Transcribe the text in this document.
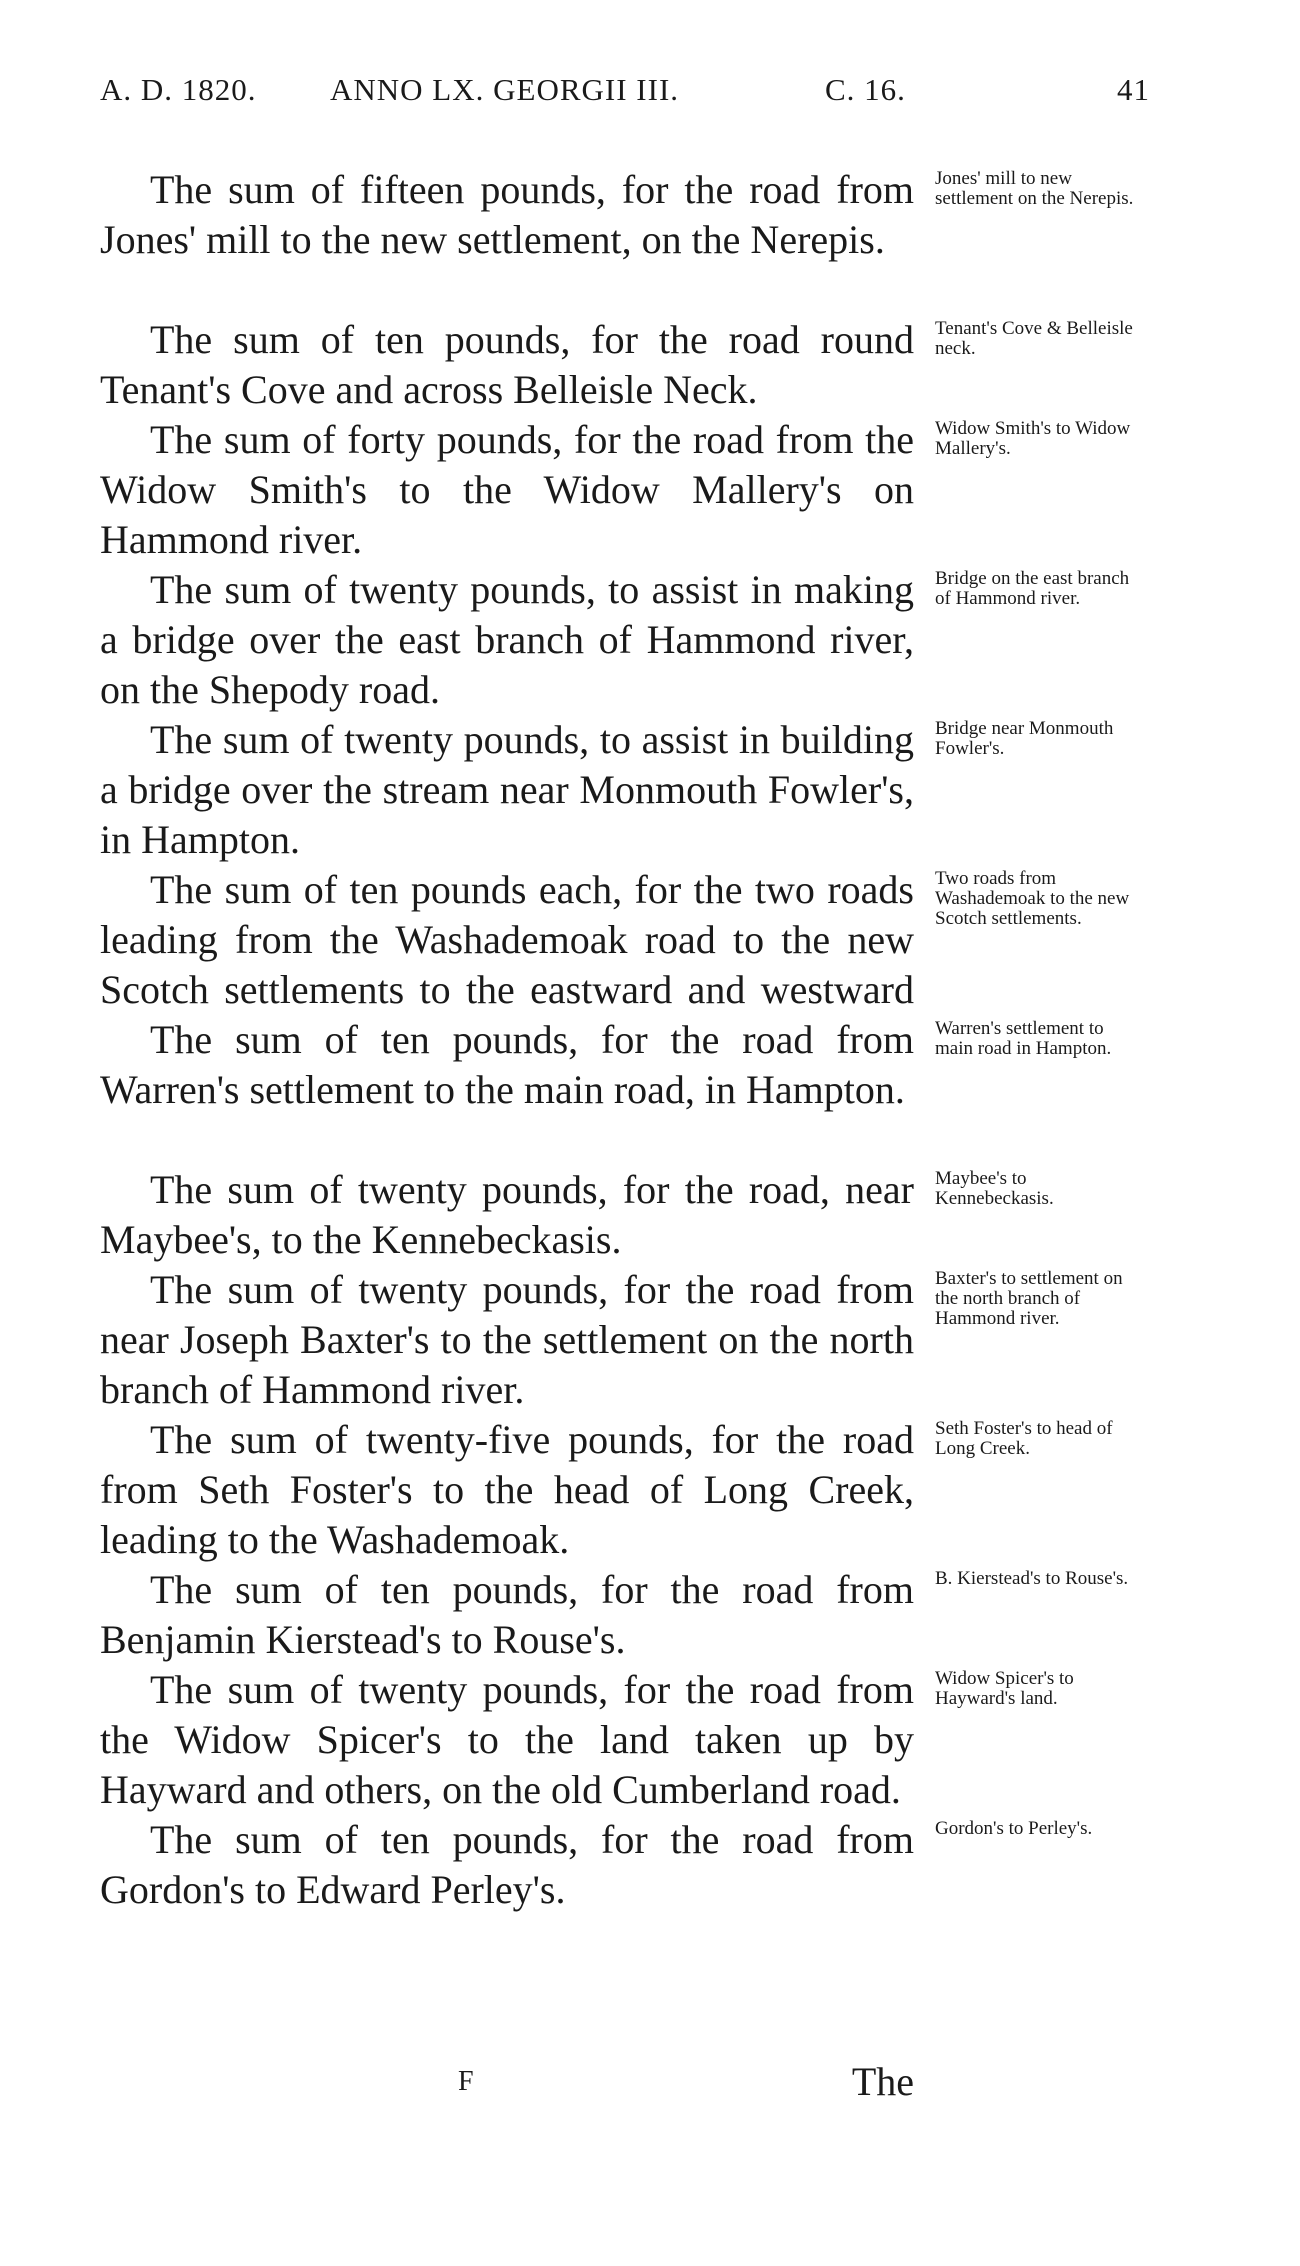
A. D. 1820. ANNO LX. GEORGII III.	C. 16.	41

The sum of fifteen pounds, for the road from Jones' mill to the new settlement, on the Nerepis.

The sum of ten pounds, for the road round Tenant's Cove and across Belleisle Neck.

The sum of forty pounds, for the road from the Widow Smith's to the Widow Mallery's on Hammond river.

The sum of twenty pounds, to assist in making a bridge over the east branch of Hammond river, on the Shepody road.

The sum of twenty pounds, to assist in building a bridge over the stream near Monmouth Fowler's, in Hampton.

The sum of ten pounds each, for the two roads leading from the Washademoak road to the new Scotch settlements to the eastward and westward

The sum of ten pounds, for the road from Warren's settlement to the main road, in Hampton.

The sum of twenty pounds, for the road, near Maybee's, to the Kennebeckasis.

The sum of twenty pounds, for the road from near Joseph Baxter's to the settlement on the north branch of Hammond river.

The sum of twenty-five pounds, for the road from Seth Foster's to the head of Long Creek, leading to the Washademoak.

The sum of ten pounds, for the road from Benjamin Kierstead's to Rouse's.

The sum of twenty pounds, for the road from the Widow Spicer's to the land taken up by Hayward and others, on the old Cumberland road.

The sum of ten pounds, for the road from Gordon's to Edward Perley's.

Jones' mill to new settlement on the Nerepis.

Tenant's Cove & Belleisle neck.

Widow Smith's to Widow Mallery's.

Bridge on the east branch of Hammond river.

Bridge near Monmouth Fowler's.

Two roads from Washademoak to the new Scotch settlements.

Warren's settlement to main road in Hampton.

Maybee's to Kennebeckasis.

Baxter's to settlement on the north branch of Hammond river.

Seth Foster's to head of Long Creek.

B. Kierstead's to Rouse's.

Widow Spicer's to Hayward's land.

Gordon's to Perley's.

F	The
